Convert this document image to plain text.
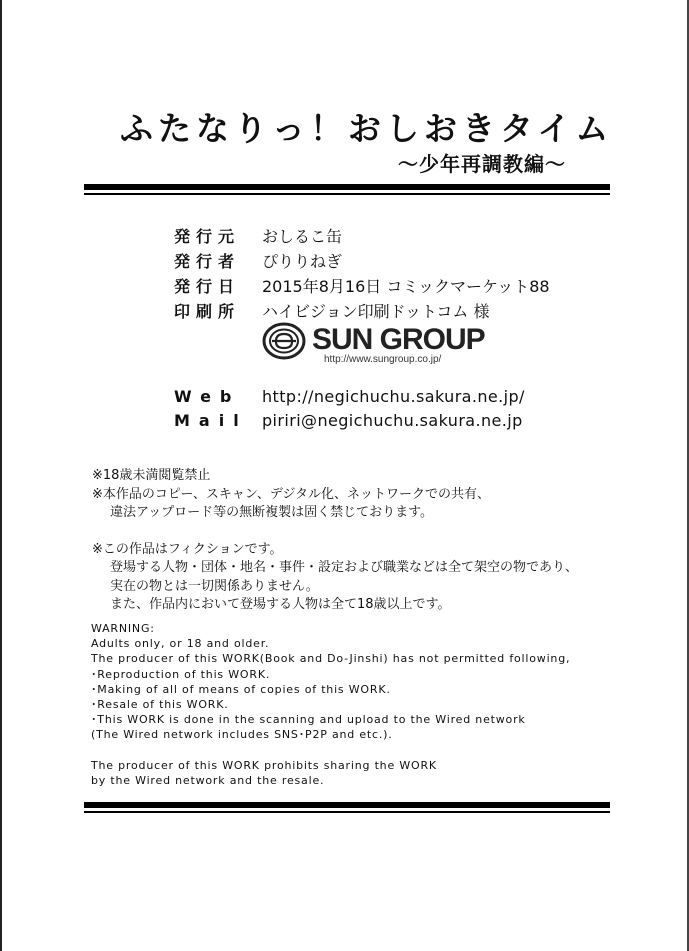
ふたなりっ！おしおきタイム
～少年再調教編～
発行元	おしるこ缶
発行者	ぴりりねぎ
発行日	2015年8月16日 コミックマーケット88
印刷所	ハイビジョン印刷ドットコム 様
SUN GROUP
http://www.sungroup.co.jp/
Web http://negichuchu.sakura.ne.jp/
Mail piriri@negichuchu.sakura.ne.jp
※18歳未満閲覧禁止
※本作品のコピー、スキャン、デジタル化、ネットワークでの共有、
違法アップロード等の無断複製は固く禁じております。
※この作品はフィクションです。
登場する人物・団体・地名・事件・設定および職業などは全て架空の物であり、
実在の物とは一切関係ありません。
また、作品内において登場する人物は全て18歳以上です。
WARNING:
Adults only, or 18 and older.
The producer of this WORK(Book and Do-Jinshi) has not permitted following,
･Reproduction of this WORK.
･Making of all of means of copies of this WORK.
･Resale of this WORK.
･This WORK is done in the scanning and upload to the Wired network
(The Wired network includes SNS･P2P and etc.).
The producer of this WORK prohibits sharing the WORK
by the Wired network and the resale.
